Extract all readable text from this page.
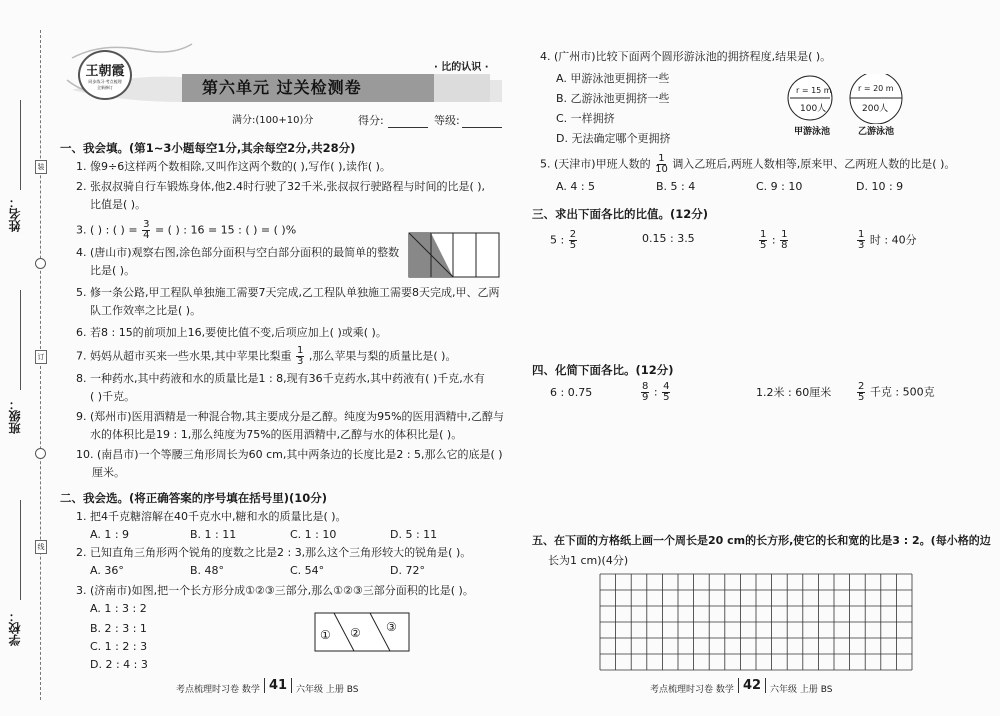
姓名：
班级：
学校：
装
订
线
王朝霞
同步练习·考点梳理
全新修订	第六单元 过关检测卷
· 比的认识 ·
满分:(100+10)分	得分:	等级:
一、我会填。(第1~3小题每空1分,其余每空2分,共28分)
1. 像9÷6这样两个数相除,又叫作这两个数的( ),写作( ),读作( )。
2. 张叔叔骑自行车锻炼身体,他2.4时行驶了32千米,张叔叔行驶路程与时间的比是( ),
比值是( )。
3. ( ) : ( ) = $\frac{3}{4}$ = ( ) : 16 = 15 : ( ) = ( )%
4. (唐山市)观察右图,涂色部分面积与空白部分面积的最简单的整数
比是( )。
5. 修一条公路,甲工程队单独施工需要7天完成,乙工程队单独施工需要8天完成,甲、乙两
队工作效率之比是( )。
6. 若8 : 15的前项加上16,要使比值不变,后项应加上( )或乘( )。
7. 妈妈从超市买来一些水果,其中苹果比梨重 $\frac{1}{3}$ ,那么苹果与梨的质量比是( )。
8. 一种药水,其中药液和水的质量比是1 : 8,现有36千克药水,其中药液有( )千克,水有
( )千克。
9. (郑州市)医用酒精是一种混合物,其主要成分是乙醇。纯度为95%的医用酒精中,乙醇与
水的体积比是19 : 1,那么纯度为75%的医用酒精中,乙醇与水的体积比是( )。
10. (南昌市)一个等腰三角形周长为60 cm,其中两条边的长度比是2 : 5,那么它的底是( )
厘米。
二、我会选。(将正确答案的序号填在括号里)(10分)
1. 把4千克糖溶解在40千克水中,糖和水的质量比是( )。
A. 1 : 9	B. 1 : 11	C. 1 : 10	D. 5 : 11
2. 已知直角三角形两个锐角的度数之比是2 : 3,那么这个三角形较大的锐角是( )。
A. 36°	B. 48°	C. 54°	D. 72°
3. (济南市)如图,把一个长方形分成①②③三部分,那么①②③三部分面积的比是( )。
A. 1 : 3 : 2
B. 2 : 3 : 1
C. 1 : 2 : 3
D. 2 : 4 : 3
① ② ③
考点梳理时习卷 数学 41 六年级 上册 BS
4. (广州市)比较下面两个圆形游泳池的拥挤程度,结果是( )。
A. 甲游泳池更拥挤一些
B. 乙游泳池更拥挤一些
C. 一样拥挤
D. 无法确定哪个更拥挤
r = 15 m
100人
甲游泳池
r = 20 m
200人
乙游泳池
5. (天津市)甲班人数的 $\frac{1}{10}$ 调入乙班后,两班人数相等,原来甲、乙两班人数的比是( )。
A. 4 : 5	B. 5 : 4	C. 9 : 10	D. 10 : 9
三、求出下面各比的比值。(12分)
5 : $\frac{2}{5}$	0.15 : 3.5	$\frac{1}{5}$ : $\frac{1}{8}$	$\frac{1}{3}$ 时 : 40分
四、化简下面各比。(12分)
6 : 0.75	$\frac{8}{9}$ : $\frac{4}{5}$	1.2米 : 60厘米	$\frac{2}{5}$ 千克 : 500克
五、在下面的方格纸上画一个周长是20 cm的长方形,使它的长和宽的比是3 : 2。(每小格的边
长为1 cm)(4分)
考点梳理时习卷 数学 42 六年级 上册 BS
